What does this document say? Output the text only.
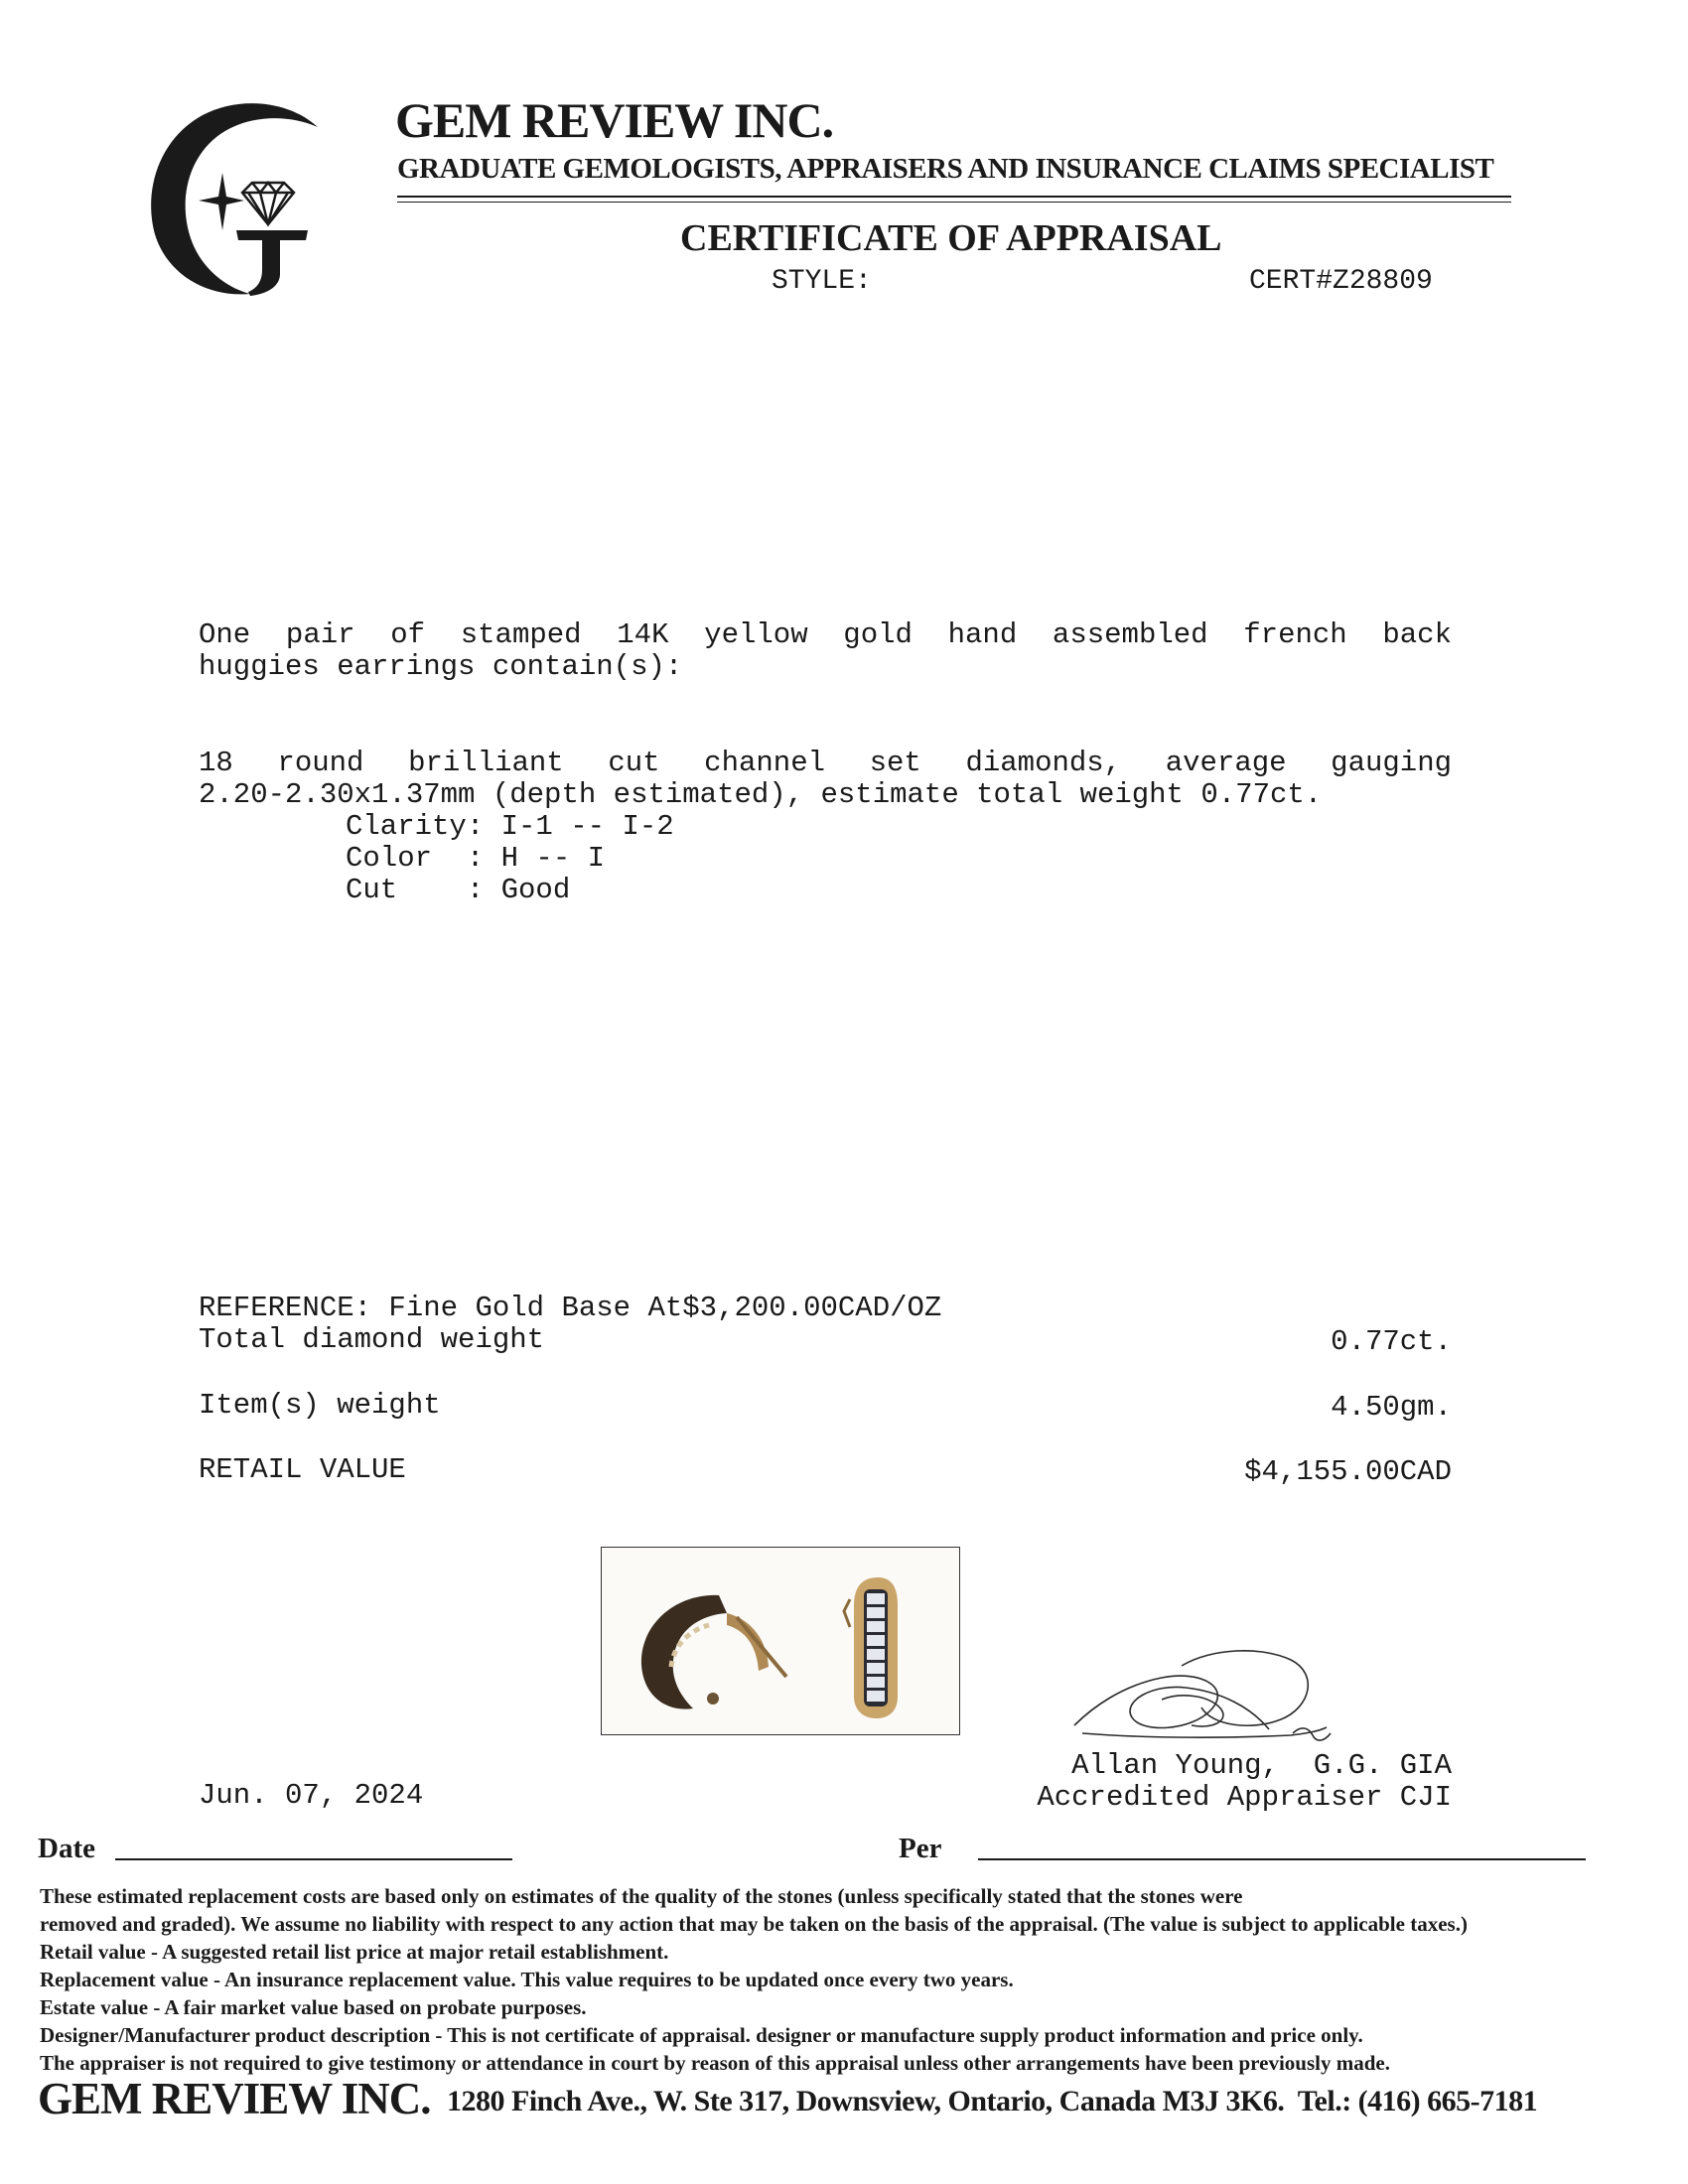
GEM REVIEW INC.
GRADUATE GEMOLOGISTS, APPRAISERS AND INSURANCE CLAIMS SPECIALIST
CERTIFICATE OF APPRAISAL
STYLE:	CERT#Z28809
One pair of stamped 14K yellow gold hand assembled french back
huggies earrings contain(s):
18 round brilliant cut channel set diamonds, average gauging
2.20-2.30x1.37mm (depth estimated), estimate total weight 0.77ct.
Clarity: I-1 -- I-2
Color  : H -- I
Cut    : Good
REFERENCE: Fine Gold Base At$3,200.00CAD/OZ
Total diamond weight	0.77ct.
Item(s) weight	4.50gm.
RETAIL VALUE	$4,155.00CAD
Allan Young,  G.G. GIA
Accredited Appraiser CJI
Jun. 07, 2024
Date	Per
These estimated replacement costs are based only on estimates of the quality of the stones (unless specifically stated that the stones were
removed and graded). We assume no liability with respect to any action that may be taken on the basis of the appraisal. (The value is subject to applicable taxes.)
Retail value - A suggested retail list price at major retail establishment.
Replacement value - An insurance replacement value. This value requires to be updated once every two years.
Estate value - A fair market value based on probate purposes.
Designer/Manufacturer product description - This is not certificate of appraisal. designer or manufacture supply product information and price only.
The appraiser is not required to give testimony or attendance in court by reason of this appraisal unless other arrangements have been previously made.
GEM REVIEW INC. 1280 Finch Ave., W. Ste 317, Downsview, Ontario, Canada M3J 3K6.  Tel.: (416) 665-7181
